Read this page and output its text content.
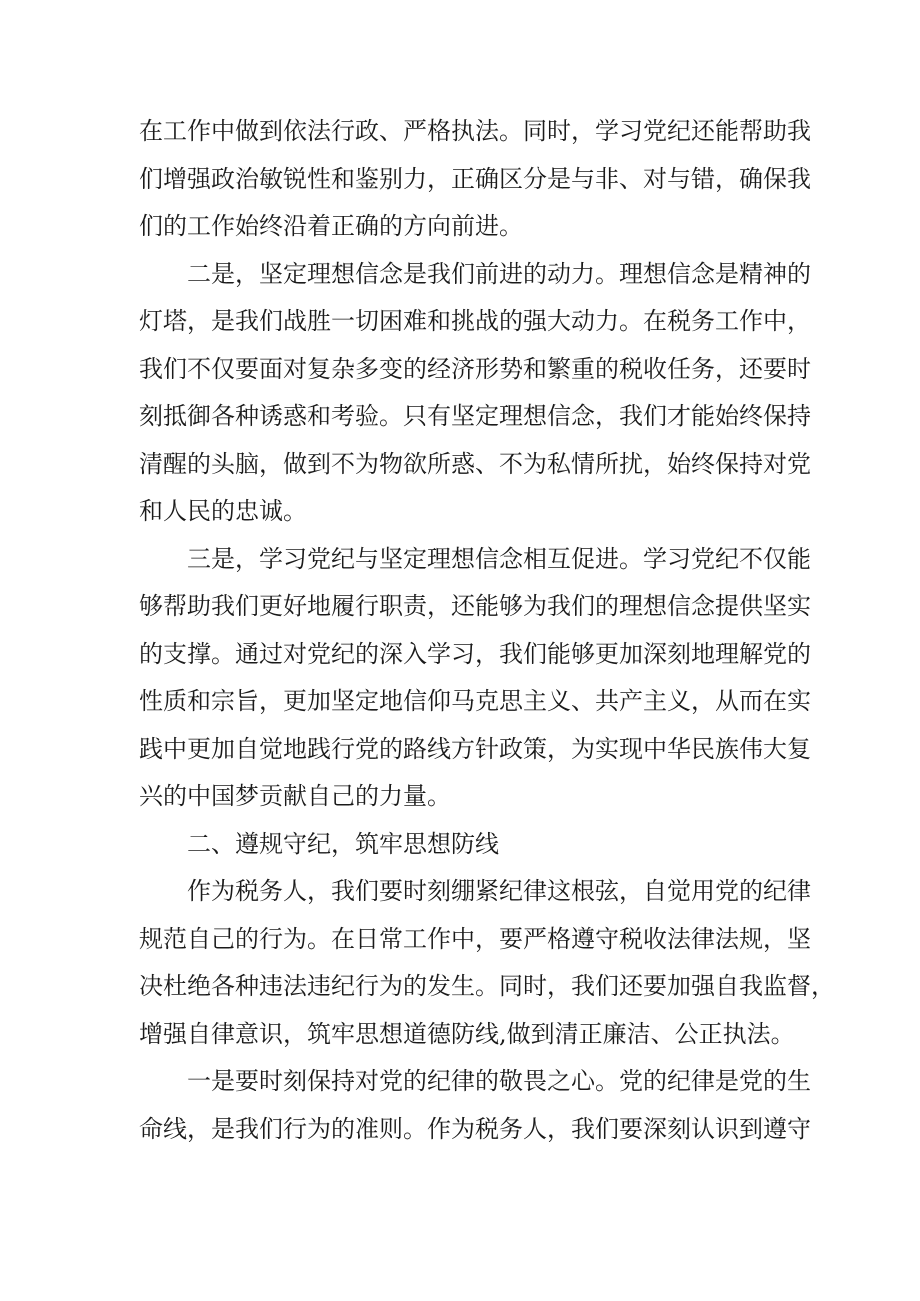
在工作中做到依法行政、严格执法。同时，学习党纪还能帮助我
们增强政治敏锐性和鉴别力，正确区分是与非、对与错，确保我
们的工作始终沿着正确的方向前进。
二是，坚定理想信念是我们前进的动力。理想信念是精神的
灯塔，是我们战胜一切困难和挑战的强大动力。在税务工作中，
我们不仅要面对复杂多变的经济形势和繁重的税收任务，还要时
刻抵御各种诱惑和考验。只有坚定理想信念，我们才能始终保持
清醒的头脑，做到不为物欲所惑、不为私情所扰，始终保持对党
和人民的忠诚。
三是，学习党纪与坚定理想信念相互促进。学习党纪不仅能
够帮助我们更好地履行职责，还能够为我们的理想信念提供坚实
的支撑。通过对党纪的深入学习，我们能够更加深刻地理解党的
性质和宗旨，更加坚定地信仰马克思主义、共产主义，从而在实
践中更加自觉地践行党的路线方针政策，为实现中华民族伟大复
兴的中国梦贡献自己的力量。
二、遵规守纪，筑牢思想防线
作为税务人，我们要时刻绷紧纪律这根弦，自觉用党的纪律
规范自己的行为。在日常工作中，要严格遵守税收法律法规，坚
决杜绝各种违法违纪行为的发生。同时，我们还要加强自我监督，
增强自律意识，筑牢思想道德防线,做到清正廉洁、公正执法。
一是要时刻保持对党的纪律的敬畏之心。党的纪律是党的生
命线，是我们行为的准则。作为税务人，我们要深刻认识到遵守
